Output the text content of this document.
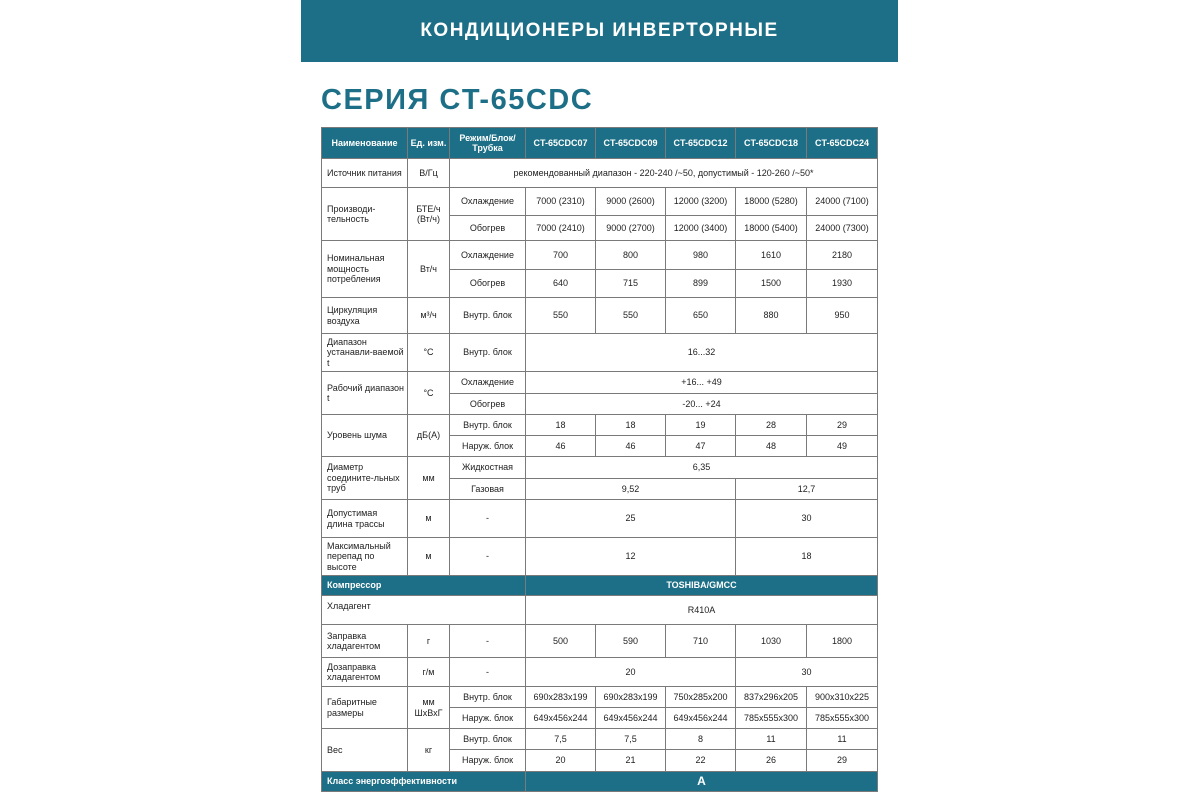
КОНДИЦИОНЕРЫ ИНВЕРТОРНЫЕ
СЕРИЯ CT-65CDC
Наименование	Ед. изм.	Режим/Блок/ Трубка	CT-65CDC07	CT-65CDC09	CT-65CDC12	CT-65CDC18	CT-65CDC24
Источник питания	В/Гц	рекомендованный диапазон - 220-240 /~50, допустимый - 120-260 /~50*					
Производи-тельность	БТЕ/ч (Вт/ч)	Охлаждение	7000 (2310)	9000 (2600)	12000 (3200)	18000 (5280)	24000 (7100)
		Обогрев	7000 (2410)	9000 (2700)	12000 (3400)	18000 (5400)	24000 (7300)
Номинальная мощность потребления	Вт/ч	Охлаждение	700	800	980	1610	2180
		Обогрев	640	715	899	1500	1930
Циркуляция воздуха	м³/ч	Внутр. блок	550	550	650	880	950
Диапазон устанавли-ваемой t	°C	Внутр. блок	16...32				
Рабочий диапазон t	°C	Охлаждение	+16... +49				
		Обогрев	-20... +24				
Уровень шума	дБ(А)	Внутр. блок	18	18	19	28	29
		Наруж. блок	46	46	47	48	49
Диаметр соедините-льных труб	мм	Жидкостная	6,35				
		Газовая	9,52			12,7	
Допустимая длина трассы	м	-	25			30	
Максимальный перепад по высоте	м	-	12			18	
Компрессор			TOSHIBA/GMCC				
Хладагент			R410A				
Заправка хладагентом	г	-	500	590	710	1030	1800
Дозаправка хладагентом	г/м	-	20			30	
Габаритные размеры	мм ШхВхГ	Внутр. блок	690x283x199	690x283x199	750x285x200	837x296x205	900x310x225
		Наруж. блок	649x456x244	649x456x244	649x456x244	785x555x300	785x555x300
Вес	кг	Внутр. блок	7,5	7,5	8	11	11
		Наруж. блок	20	21	22	26	29
Класс энергоэффективности			A				
